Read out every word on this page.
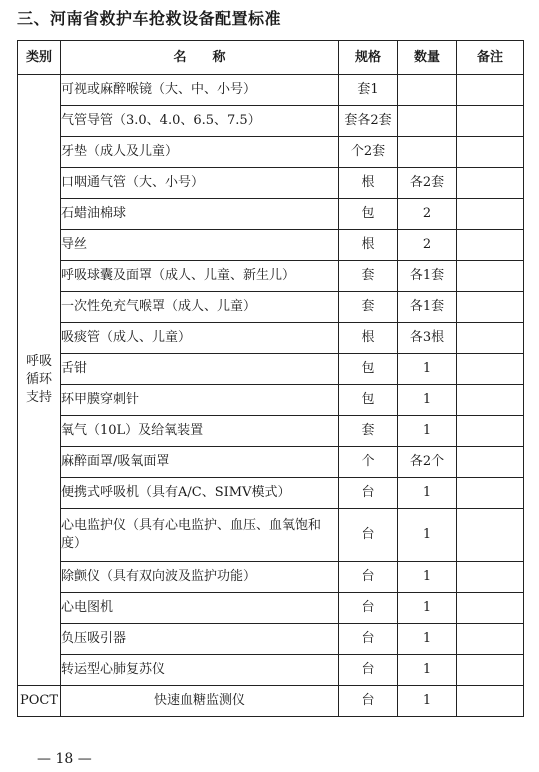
三、河南省救护车抢救设备配置标准
类别	名　　称	规格	数量	备注

呼吸
循环
支持	可视或麻醉喉镜（大、中、小号）	套1		
	气管导管（3.0、4.0、6.5、7.5）	套各2套		
	牙垫（成人及儿童）	个2套		
	口咽通气管（大、小号）	根	各2套	
	石蜡油棉球	包	2	
	导丝	根	2	
	呼吸球囊及面罩（成人、儿童、新生儿）	套	各1套	
	一次性免充气喉罩（成人、儿童）	套	各1套	
	吸痰管（成人、儿童）	根	各3根	
	舌钳	包	1	
	环甲膜穿刺针	包	1	
	氧气（10L）及给氧装置	套	1	
	麻醉面罩/吸氧面罩	个	各2个	
	便携式呼吸机（具有A/C、SIMV模式）	台	1	
	心电监护仪（具有心电监护、血压、血氧饱和度）	台	1	
	除颤仪（具有双向波及监护功能）	台	1	
	心电图机	台	1	
	负压吸引器	台	1	
	转运型心肺复苏仪	台	1	
POCT	快速血糖监测仪	台	1	
— 18 —
